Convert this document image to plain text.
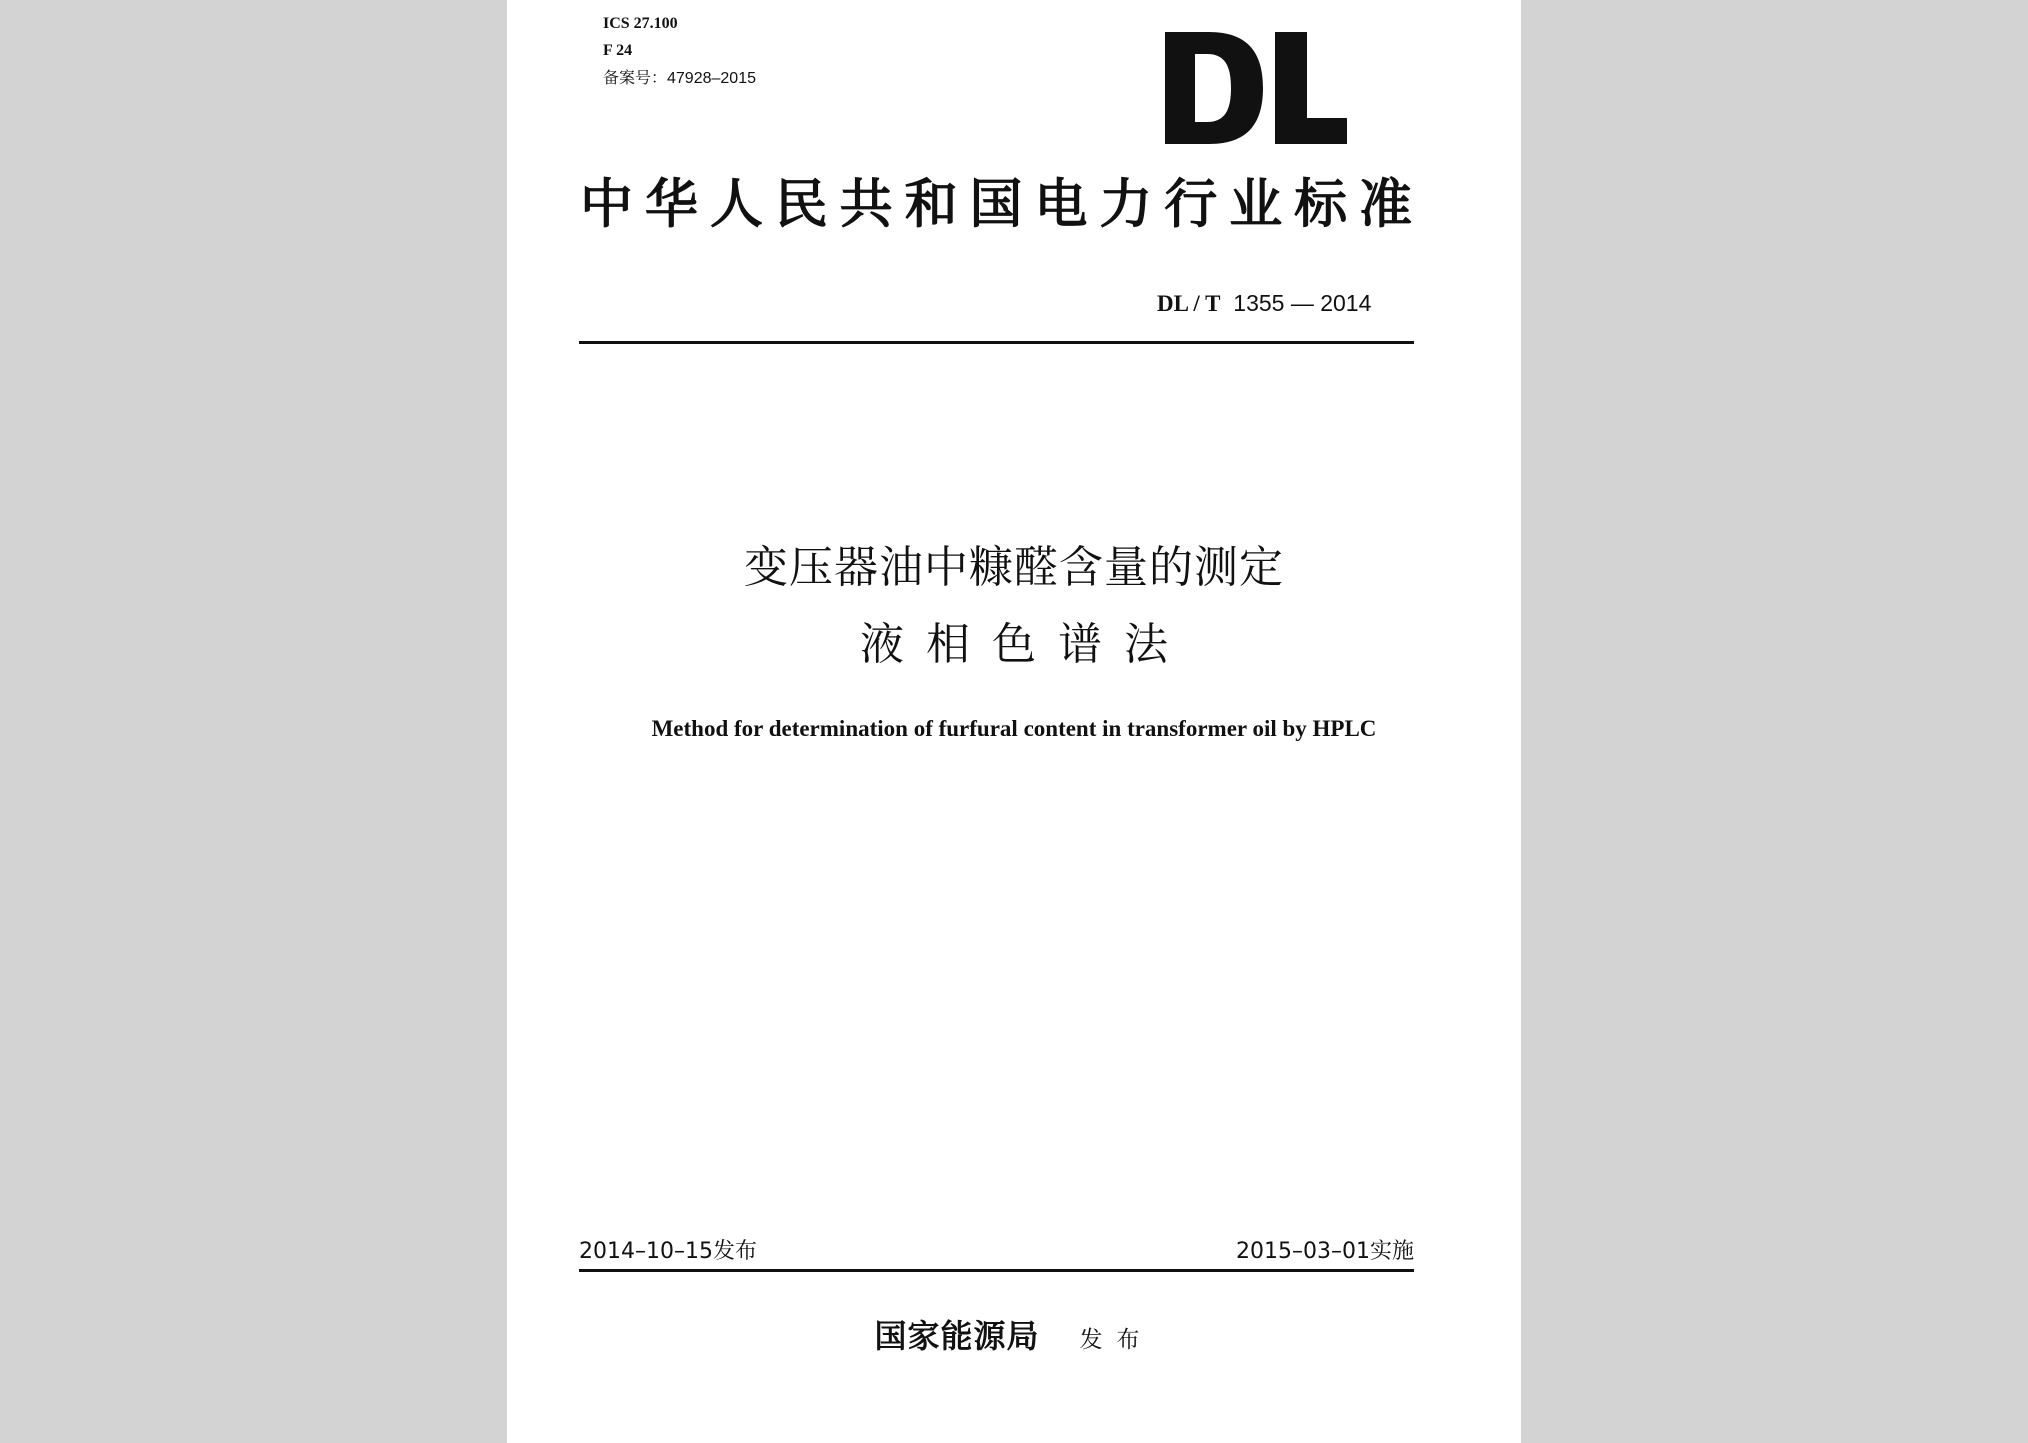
ICS 27.100
F 24
备案号：47928–2015
中华人民共和国电力行业标准
DL / T 1355 — 2014
变压器油中糠醛含量的测定
液相色谱法
Method for determination of furfural content in transformer oil by HPLC
2014–10–15发布	2015–03–01实施
国家能源局 发布
